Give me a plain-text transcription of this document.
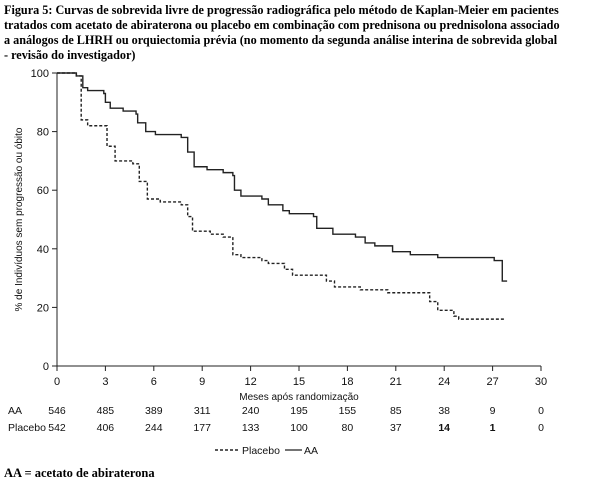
Figura 5: Curvas de sobrevida livre de progressão radiográfica pelo método de Kaplan-Meier em pacientes
tratados com acetato de abiraterona ou placebo em combinação com prednisona ou prednisolona associado
a análogos de LHRH ou orquiectomia prévia (no momento da segunda análise interina de sobrevida global
- revisão do investigador)
0	3	6	9	12	15	18	21	24	27	30
0
20
40
60
80
100
Meses após randomização
% de Indivíduos sem progressão ou óbito
AA 546	485	389	311	240	195	155	85	38	9	0
Placebo 542	406	244	177	133	100	80	37	14	1	0
Placebo AA
AA = acetato de abiraterona
